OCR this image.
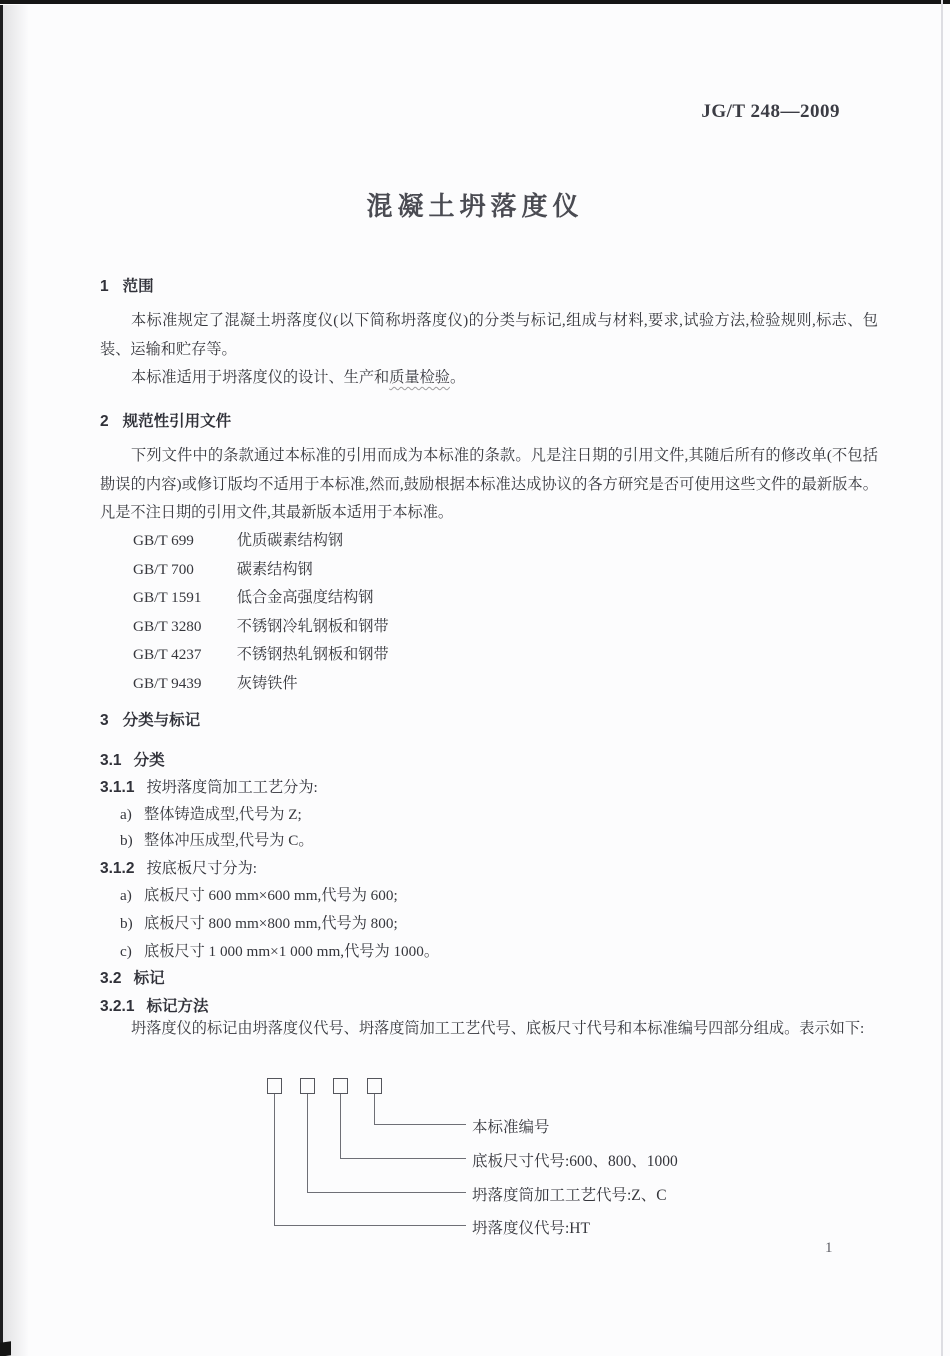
JG/T 248—2009
混凝土坍落度仪
1 范围
本标准规定了混凝土坍落度仪(以下简称坍落度仪)的分类与标记,组成与材料,要求,试验方法,检验规则,标志、包装、运输和贮存等。
本标准适用于坍落度仪的设计、生产和质量检验。
2 规范性引用文件
下列文件中的条款通过本标准的引用而成为本标准的条款。凡是注日期的引用文件,其随后所有的修改单(不包括勘误的内容)或修订版均不适用于本标准,然而,鼓励根据本标准达成协议的各方研究是否可使用这些文件的最新版本。凡是不注日期的引用文件,其最新版本适用于本标准。
GB/T 699	优质碳素结构钢
GB/T 700	碳素结构钢
GB/T 1591 低合金高强度结构钢
GB/T 3280 不锈钢冷轧钢板和钢带
GB/T 4237 不锈钢热轧钢板和钢带
GB/T 9439 灰铸铁件
3 分类与标记
3.1 分类
3.1.1 按坍落度筒加工工艺分为:
a) 整体铸造成型,代号为 Z;
b) 整体冲压成型,代号为 C。
3.1.2 按底板尺寸分为:
a) 底板尺寸 600 mm×600 mm,代号为 600;
b) 底板尺寸 800 mm×800 mm,代号为 800;
c) 底板尺寸 1 000 mm×1 000 mm,代号为 1000。
3.2 标记
3.2.1 标记方法
坍落度仪的标记由坍落度仪代号、坍落度筒加工工艺代号、底板尺寸代号和本标准编号四部分组成。表示如下:
本标准编号
底板尺寸代号:600、800、1000
坍落度筒加工工艺代号:Z、C
坍落度仪代号:HT
1
